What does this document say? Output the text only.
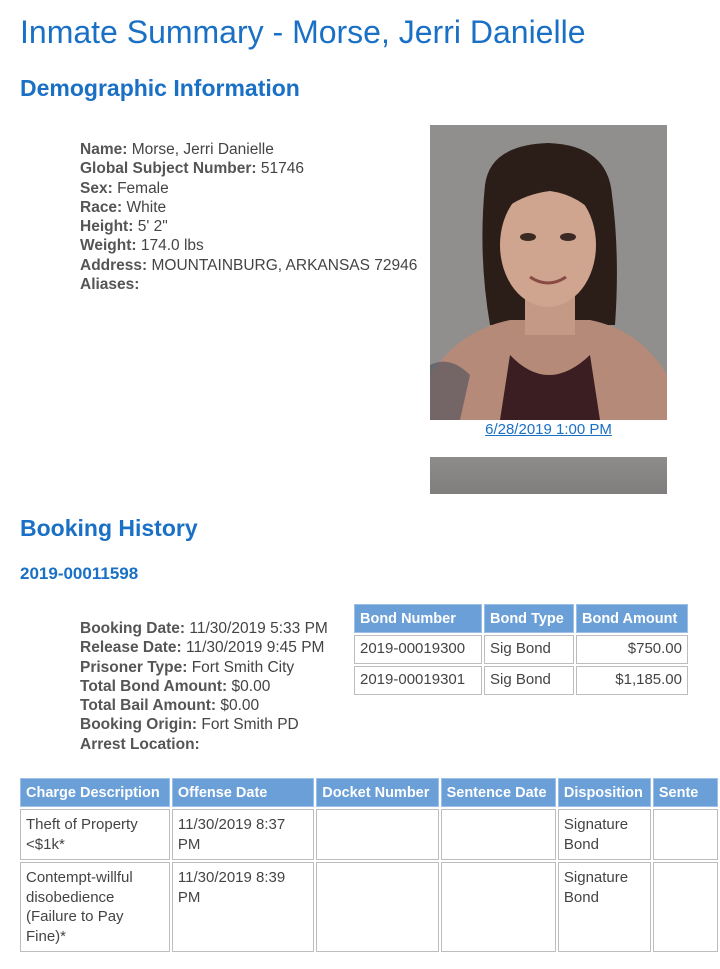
Inmate Summary - Morse, Jerri Danielle
Demographic Information
Name: Morse, Jerri Danielle
Global Subject Number: 51746
Sex: Female
Race: White
Height: 5' 2"
Weight: 174.0 lbs
Address: MOUNTAINBURG, ARKANSAS 72946
Aliases:
6/28/2019 1:00 PM
Booking History
2019-00011598
Booking Date: 11/30/2019 5:33 PM
Release Date: 11/30/2019 9:45 PM
Prisoner Type: Fort Smith City
Total Bond Amount: $0.00
Total Bail Amount: $0.00
Booking Origin: Fort Smith PD
Arrest Location:
Bond Number	Bond Type	Bond Amount
2019-00019300	Sig Bond	$750.00
2019-00019301	Sig Bond	$1,185.00
Charge Description	Offense Date	Docket Number	Sentence Date	Disposition	Sente
Theft of Property <$1k*	11/30/2019 8:37 PM			Signature Bond	
Contempt-willful disobedience (Failure to Pay Fine)*	11/30/2019 8:39 PM			Signature Bond	
